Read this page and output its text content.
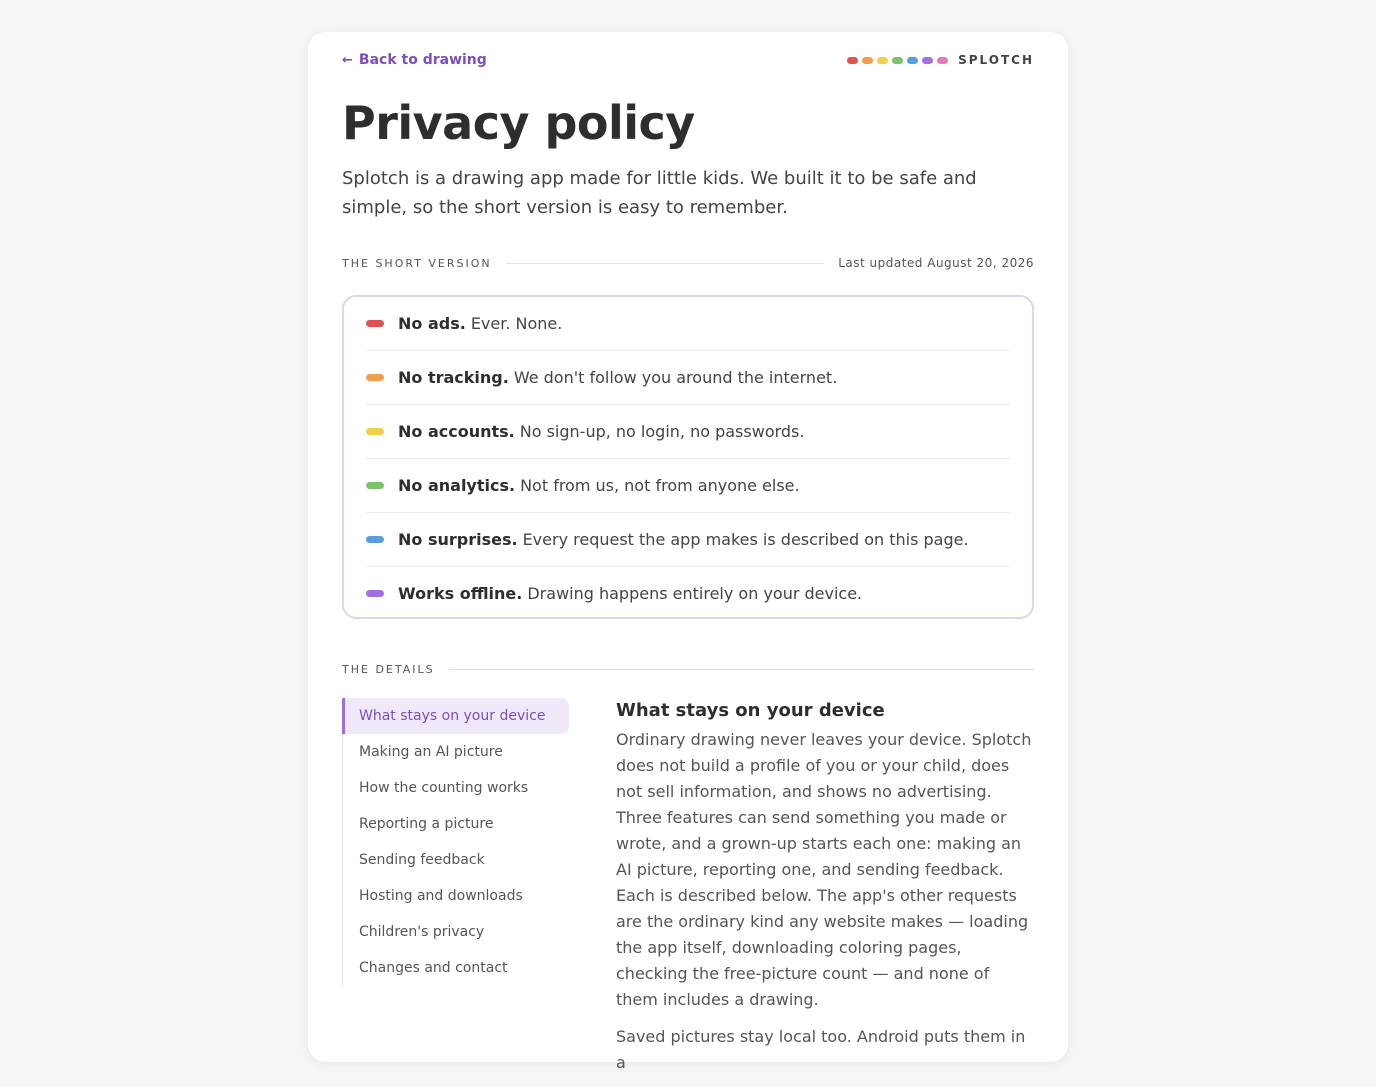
← Back to drawing	SPLOTCH
Privacy policy

Splotch is a drawing app made for little kids. We built it to be safe and simple, so the short version is easy to remember.

THE SHORT VERSION	Last updated August 20, 2026
No ads. Ever. None.
No tracking. We don't follow you around the internet.
No accounts. No sign-up, no login, no passwords.
No analytics. Not from us, not from anyone else.
No surprises. Every request the app makes is described on this page.
Works offline. Drawing happens entirely on your device.
THE DETAILS
What stays on your device
Making an AI picture
How the counting works
Reporting a picture
Sending feedback
Hosting and downloads
Children's privacy
Changes and contact
What stays on your device

Ordinary drawing never leaves your device. Splotch does not build a profile of you or your child, does not sell information, and shows no advertising. Three features can send something you made or wrote, and a grown-up starts each one: making an AI picture, reporting one, and sending feedback. Each is described below. The app's other requests are the ordinary kind any website makes — loading the app itself, downloading coloring pages, checking the free-picture count — and none of them includes a drawing.

Saved pictures stay local too. Android puts them in a
